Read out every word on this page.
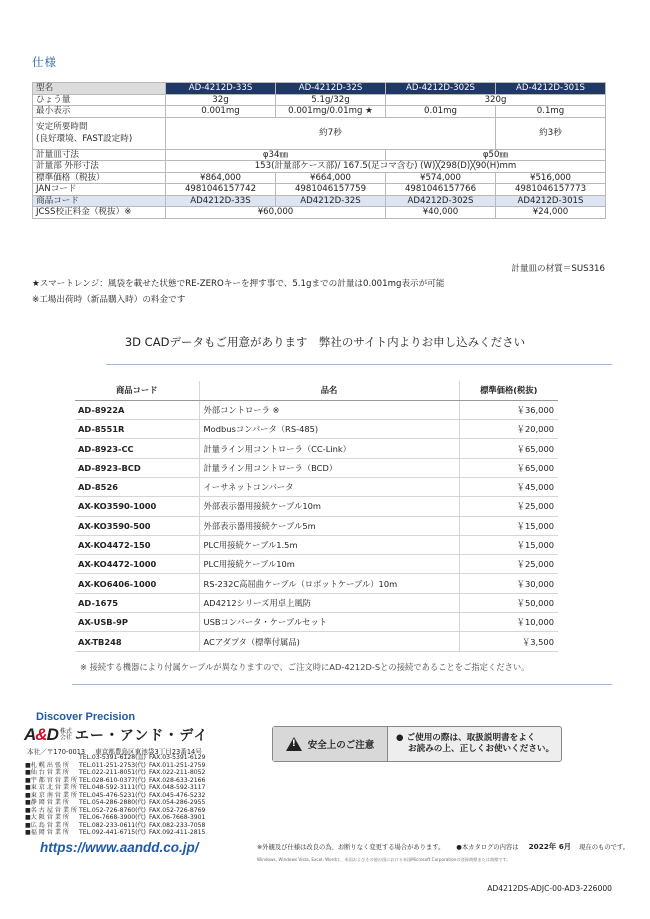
仕様
型名	AD-4212D-33S	AD-4212D-32S	AD-4212D-302S	AD-4212D-301S
ひょう量	32g	5.1g/32g	320g	
最小表示	0.001mg	0.001mg/0.01mg ★	0.01mg	0.1mg

安定所要時間
(良好環境、FAST設定時)	約7秒			約3秒
計量皿寸法	φ34㎜		φ50㎜	
計量部 外形寸法	153(計量部ケース部)/ 167.5(足コマ含む) (W)╳298(D)╳90(H)mm			
標準価格（税抜）	¥864,000	¥664,000	¥574,000	¥516,000
JANコード	4981046157742	4981046157759	4981046157766	4981046157773
商品コード	AD4212D-33S	AD4212D-32S	AD4212D-302S	AD4212D-301S
JCSS校正料金（税抜）※	¥60,000		¥40,000	¥24,000
計量皿の材質＝SUS316
★スマートレンジ：風袋を載せた状態でRE-ZEROキーを押す事で、5.1gまでの計量は0.001mg表示が可能
※工場出荷時（新品購入時）の料金です
3D CADデータもご用意があります　弊社のサイト内よりお申し込みください
商品コード	品名	標準価格(税抜)
AD-8922A	外部コントローラ ※	￥36,000
AD-8551R	Modbusコンバータ（RS-485)	￥20,000
AD-8923-CC	計量ライン用コントローラ（CC-Link）	￥65,000
AD-8923-BCD	計量ライン用コントローラ（BCD）	￥65,000
AD-8526	イーサネットコンバータ	￥45,000
AX-KO3590-1000	外部表示器用接続ケーブル10m	￥25,000
AX-KO3590-500	外部表示器用接続ケーブル5m	￥15,000
AX-KO4472-150	PLC用接続ケーブル1.5m	￥15,000
AX-KO4472-1000	PLC用接続ケーブル10m	￥25,000
AX-KO6406-1000	RS-232C高屈曲ケーブル（ロボットケーブル）10m	￥30,000
AD-1675	AD4212シリーズ用卓上風防	￥50,000
AX-USB-9P	USBコンバータ・ケーブルセット	￥10,000
AX-TB248	ACアダプタ（標準付属品)	￥3,500
※ 接続する機器により付属ケーブルが異なりますので、ご注文時にAD-4212D-Sとの接続であることをご指定ください。
Discover Precision
A&D 株式
会社 エー・アンド・デイ
本社／〒170-0013 東京都豊島区東池袋3丁目23番14号
TEL.03-5391-6128(直) FAX.03-5391-6129
■札 幌 出 張 所	TEL.011-251-2753(代) FAX.011-251-2759
■仙 台 営 業 所	TEL.022-211-8051(代) FAX.022-211-8052
■宇 都 宮 営 業 所 TEL.028-610-0377(代) FAX.028-633-2166
■東 京 北 営 業 所 TEL.048-592-3111(代) FAX.048-592-3117
■東 京 南 営 業 所 TEL.045-476-5231(代) FAX.045-476-5232
■静 岡 営 業 所	TEL.054-286-2880(代) FAX.054-286-2955
■名 古 屋 営 業 所 TEL.052-726-8760(代) FAX.052-726-8769
■大 阪 営 業 所	TEL.06-7668-3900(代) FAX.06-7668-3901
■広 島 営 業 所	TEL.082-233-0611(代) FAX.082-233-7058
■福 岡 営 業 所	TEL.092-441-6715(代) FAX.092-411-2815
https://www.aandd.co.jp/
!
安全上のご注意
● ご使用の際は、取扱説明書をよく
お読みの上、正しくお使いください。
※外観及び仕様は改良の為、お断りなく変更する場合があります。 ●本カタログの内容は 2022年 6月 現在のものです。
Windows, Windows Vista, Excel, Wordは、米国およびその他の国における米国Microsoft Corporationの登録商標または商標です。
AD4212DS-ADJC-00-AD3-226000
